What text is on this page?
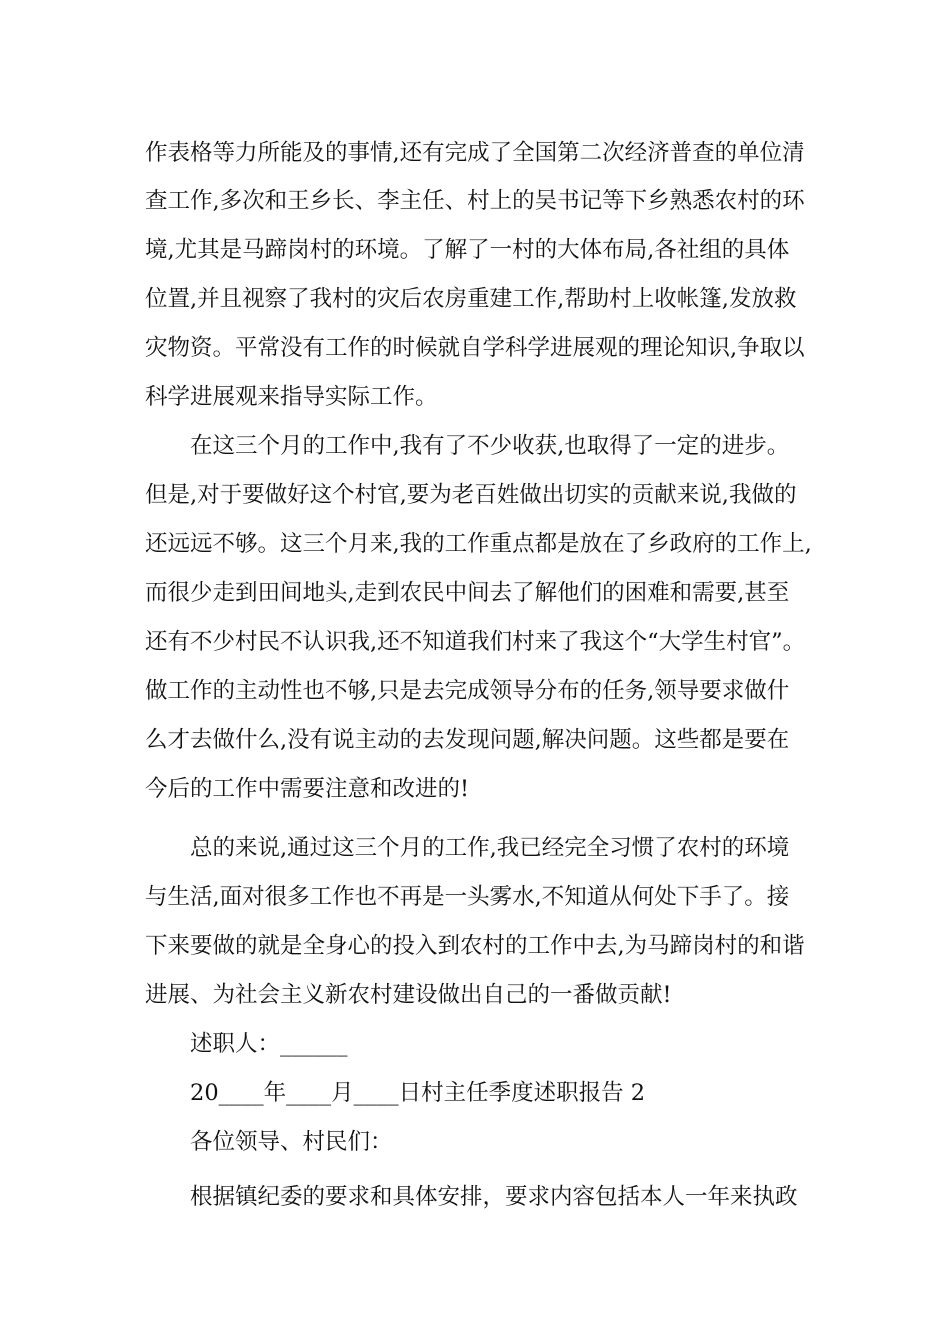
作表格等力所能及的事情,还有完成了全国第二次经济普查的单位清
查工作,多次和王乡长、李主任、村上的吴书记等下乡熟悉农村的环
境,尤其是马蹄岗村的环境。了解了一村的大体布局,各社组的具体
位置,并且视察了我村的灾后农房重建工作,帮助村上收帐篷,发放救
灾物资。平常没有工作的时候就自学科学进展观的理论知识,争取以
科学进展观来指导实际工作。
在这三个月的工作中,我有了不少收获,也取得了一定的进步。
但是,对于要做好这个村官,要为老百姓做出切实的贡献来说,我做的
还远远不够。这三个月来,我的工作重点都是放在了乡政府的工作上,
而很少走到田间地头,走到农民中间去了解他们的困难和需要,甚至
还有不少村民不认识我,还不知道我们村来了我这个“大学生村官”。
做工作的主动性也不够,只是去完成领导分布的任务,领导要求做什
么才去做什么,没有说主动的去发现问题,解决问题。这些都是要在
今后的工作中需要注意和改进的!
总的来说,通过这三个月的工作,我已经完全习惯了农村的环境
与生活,面对很多工作也不再是一头雾水,不知道从何处下手了。接
下来要做的就是全身心的投入到农村的工作中去,为马蹄岗村的和谐
进展、为社会主义新农村建设做出自己的一番做贡献!
述职人：______
20____年____月____日村主任季度述职报告 2
各位领导、村民们：
根据镇纪委的要求和具体安排，要求内容包括本人一年来执政
